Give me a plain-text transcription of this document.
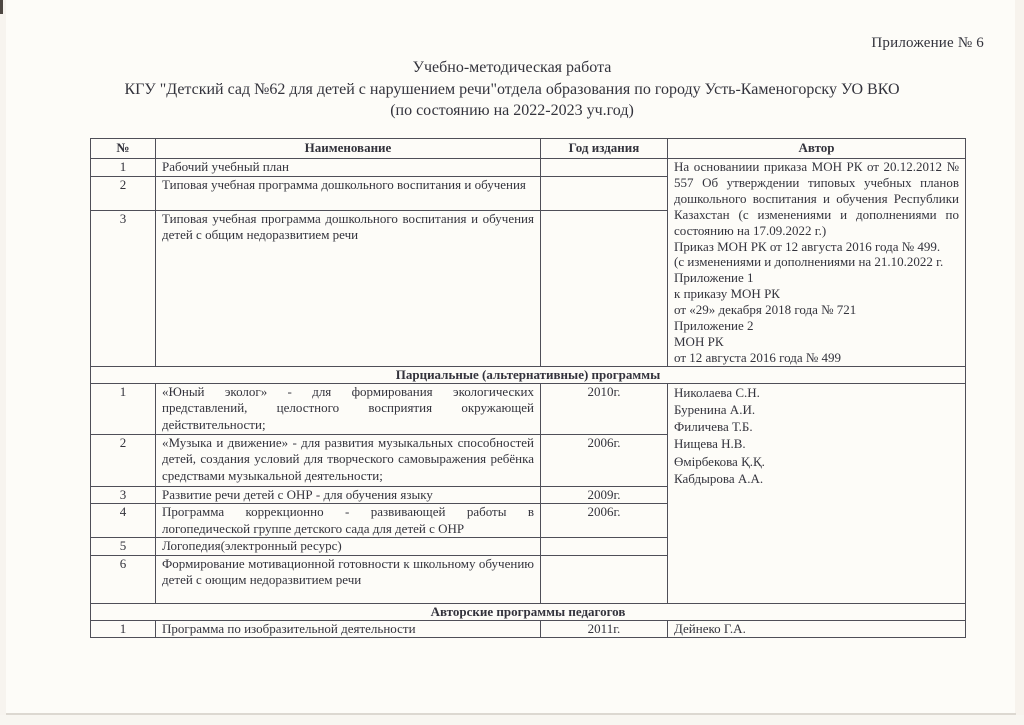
Приложение № 6
Учебно-методическая работа
КГУ "Детский сад №62 для детей с нарушением речи"отдела образования по городу Усть-Каменогорску УО ВКО
(по состоянию на 2022-2023 уч.год)
№	Наименование	Год издания	Автор
1	Рабочий учебный план		На основаниии приказа МОН РК от 20.12.2012 № 557 Об утверждении типовых учебных планов дошкольного воспитания и обучения Республики Казахстан (с изменениями и дополнениями по состоянию на 17.09.2022 г.)
Приказ МОН РК от 12 августа 2016 года № 499.
(с изменениями и дополнениями на 21.10.2022 г.
Приложение 1
к приказу МОН РК
от «29» декабря 2018 года № 721
Приложение 2
МОН РК
от 12 августа 2016 года № 499

2	Типовая учебная программа дошкольного воспитания и обучения		
3	Типовая учебная программа дошкольного воспитания и обучения детей с общим недоразвитием речи		
Парциальные (альтернативные) программы			
1	«Юный эколог» - для формирования экологических представлений, целостного восприятия окружающей действительности;	2010г.	Николаева С.Н.
Буренина А.И.
Филичева Т.Б.
Нищева Н.В.
Өмірбекова Қ.Қ.
Кабдырова А.А.

2	«Музыка и движение» - для развития музыкальных способностей детей, создания условий для творческого самовыражения ребёнка средствами музыкальной деятельности;	2006г.	
3	Развитие речи детей с ОНР - для обучения языку	2009г.	
4	Программа коррекционно - развивающей работы в логопедической группе детского сада для детей с ОНР	2006г.	
5	Логопедия(электронный ресурс)		
6	Формирование мотивационной готовности к школьному обучению детей с оющим недоразвитием речи		
Авторские программы педагогов			
1	Программа по изобразительной деятельности	2011г.	Дейнеко Г.А.
